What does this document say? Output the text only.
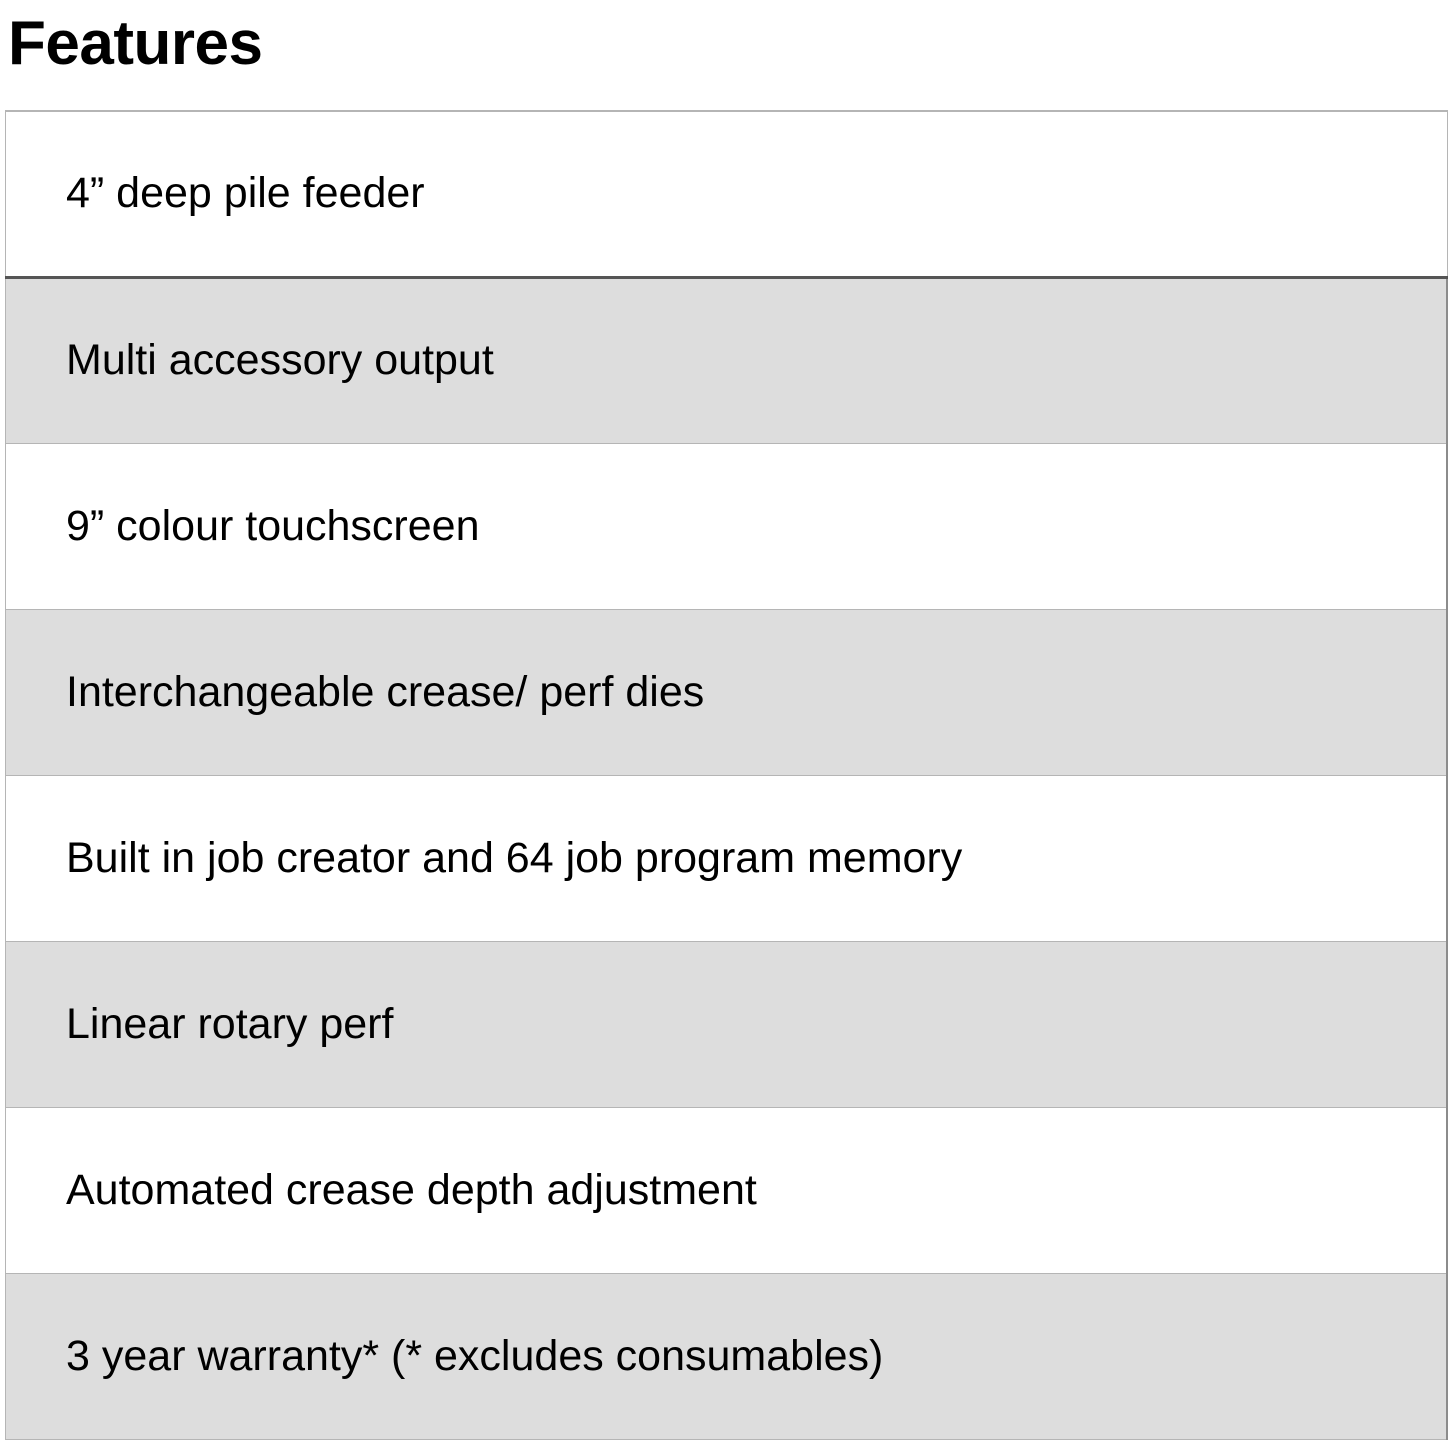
Features
4” deep pile feeder
Multi accessory output
9” colour touchscreen
Interchangeable crease/ perf dies
Built in job creator and 64 job program memory
Linear rotary perf
Automated crease depth adjustment
3 year warranty* (* excludes consumables)
